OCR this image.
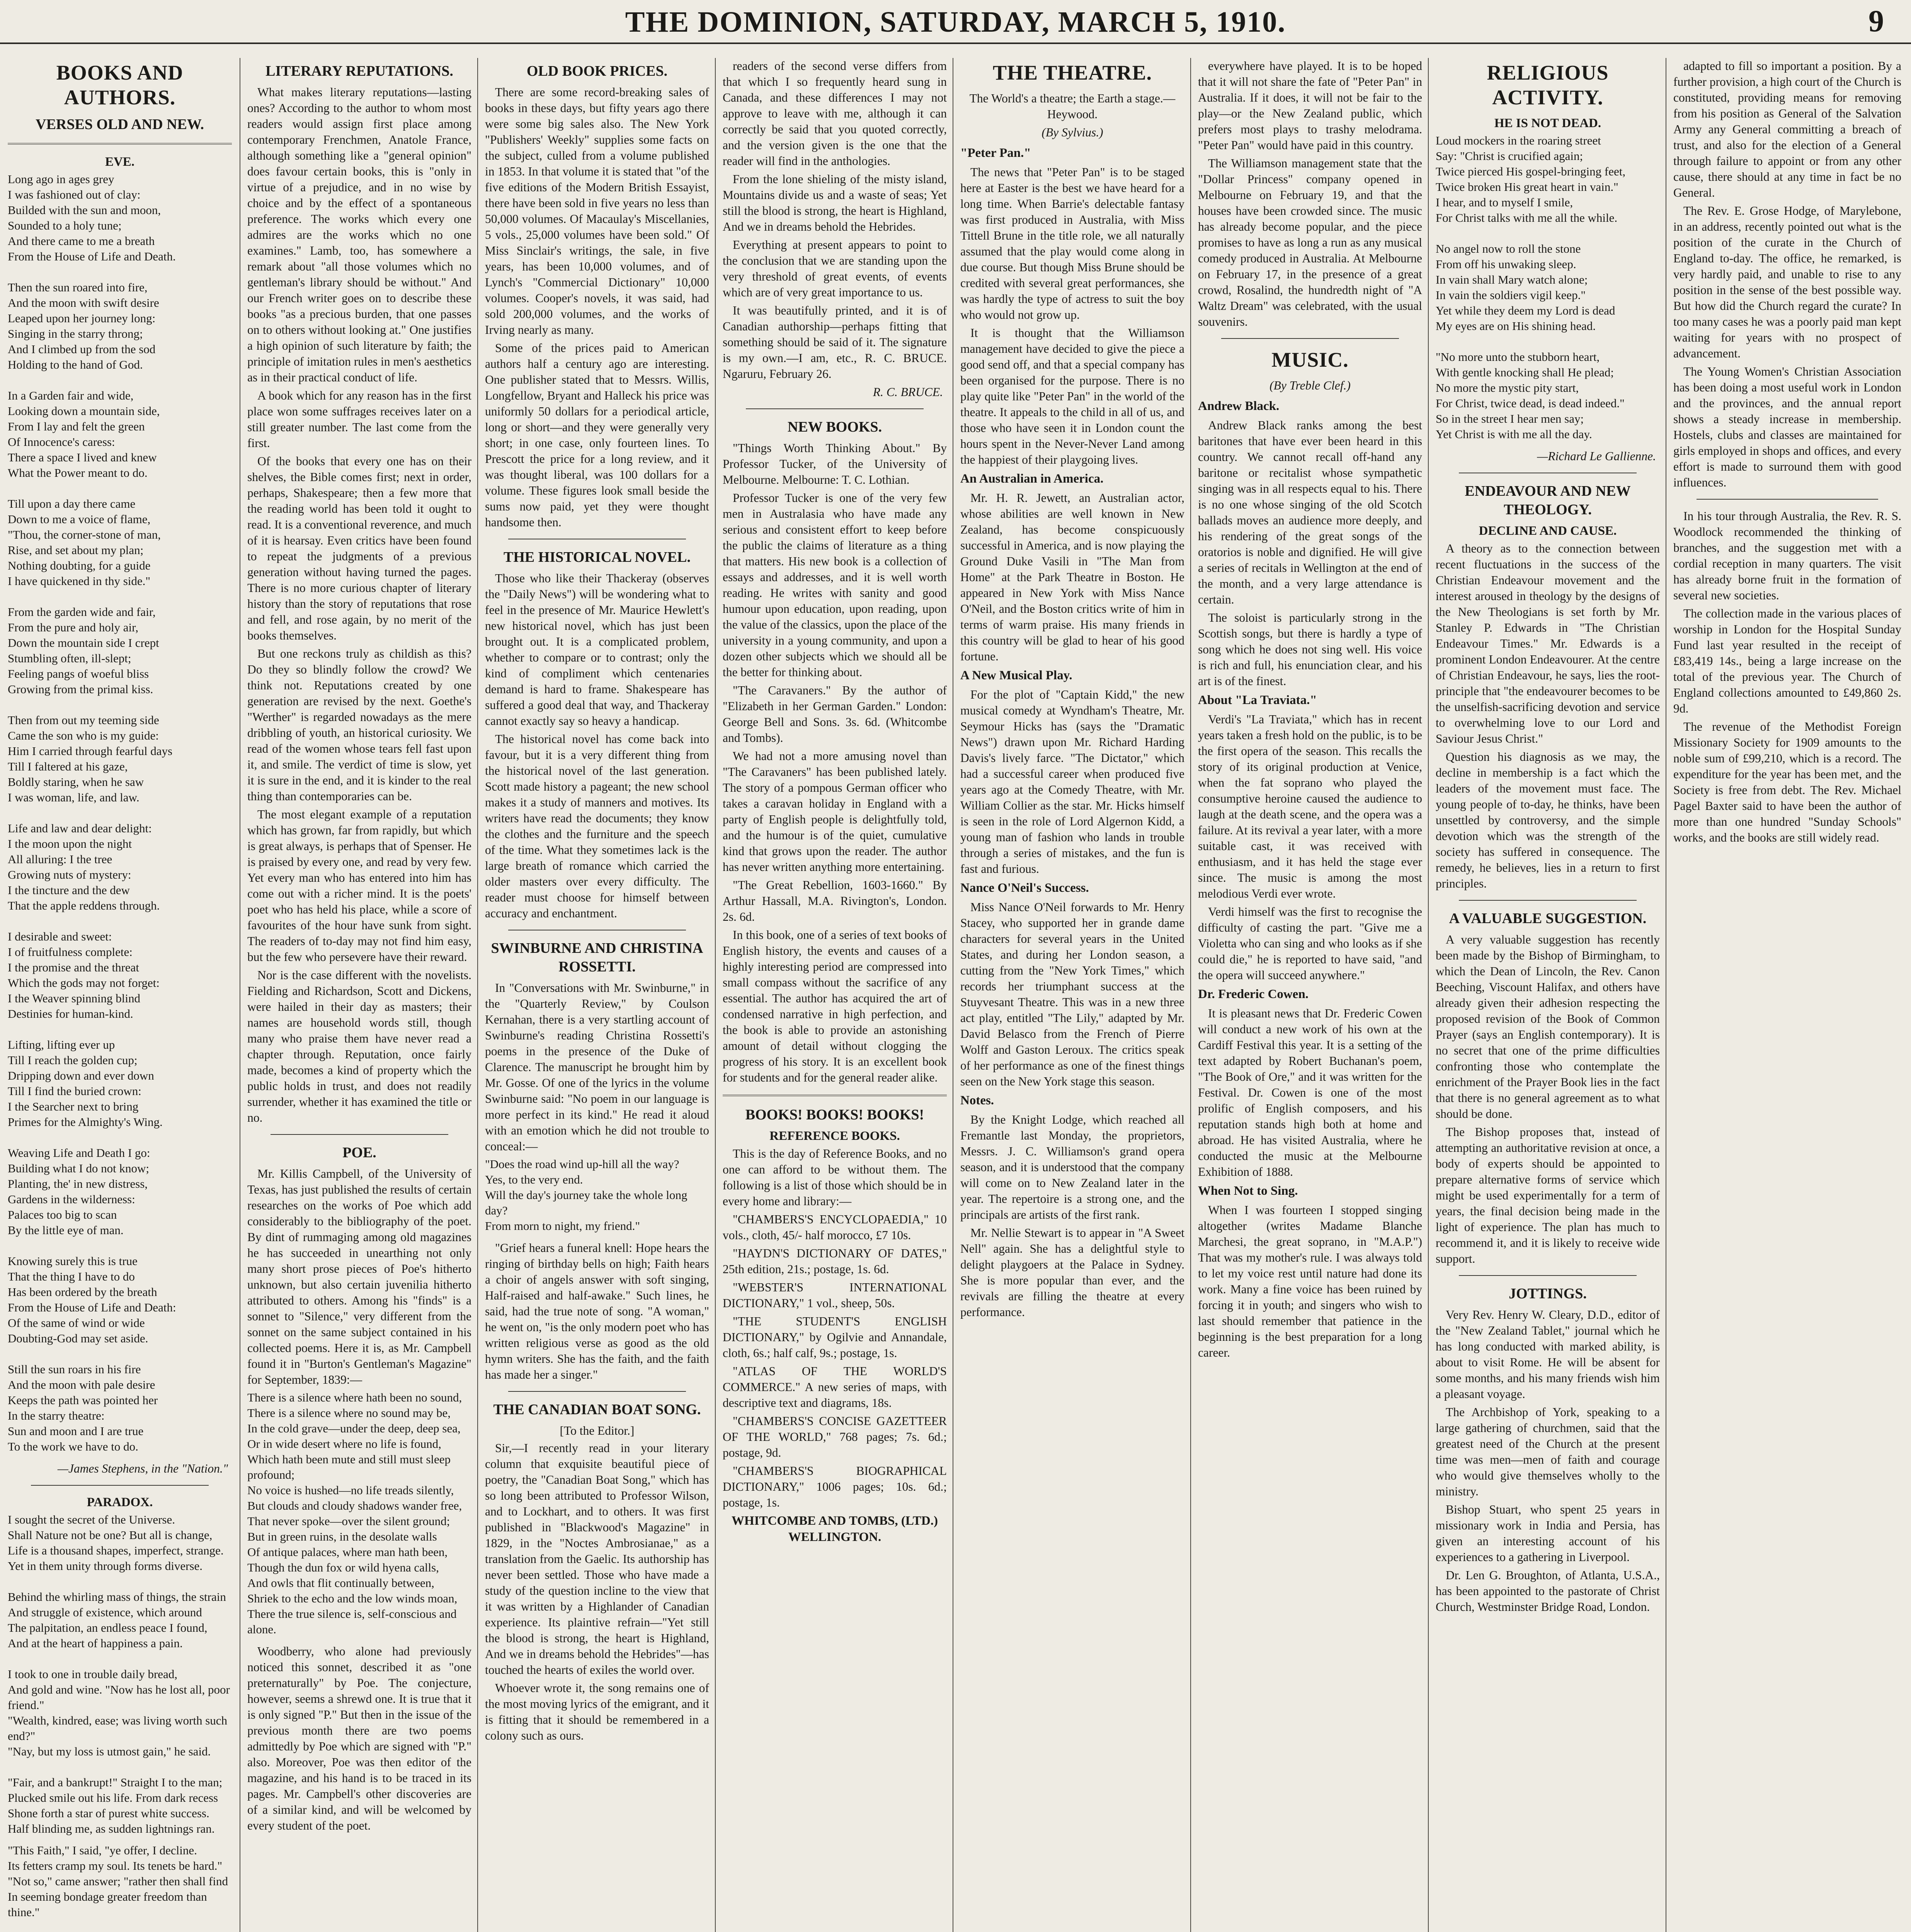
THE DOMINION, SATURDAY, MARCH 5, 1910.	9
BOOKS AND AUTHORS.
VERSES OLD AND NEW.
EVE.
Long ago in ages grey
I was fashioned out of clay:
Builded with the sun and moon,
Sounded to a holy tune;
And there came to me a breath
From the House of Life and Death.

Then the sun roared into fire,
And the moon with swift desire
Leaped upon her journey long:
Singing in the starry throng;
And I climbed up from the sod
Holding to the hand of God.

In a Garden fair and wide,
Looking down a mountain side,
From I lay and felt the green
Of Innocence's caress:
There a space I lived and knew
What the Power meant to do.

Till upon a day there came
Down to me a voice of flame,
"Thou, the corner-stone of man,
Rise, and set about my plan;
Nothing doubting, for a guide
I have quickened in thy side."

From the garden wide and fair,
From the pure and holy air,
Down the mountain side I crept
Stumbling often, ill-slept;
Feeling pangs of woeful bliss
Growing from the primal kiss.

Then from out my teeming side
Came the son who is my guide:
Him I carried through fearful days
Till I faltered at his gaze,
Boldly staring, when he saw
I was woman, life, and law.

Life and law and dear delight:
I the moon upon the night
All alluring: I the tree
Growing nuts of mystery:
I the tincture and the dew
That the apple reddens through.

I desirable and sweet:
I of fruitfulness complete:
I the promise and the threat
Which the gods may not forget:
I the Weaver spinning blind
Destinies for human-kind.

Lifting, lifting ever up
Till I reach the golden cup;
Dripping down and ever down
Till I find the buried crown:
I the Searcher next to bring
Primes for the Almighty's Wing.

Weaving Life and Death I go:
Building what I do not know;
Planting, the' in new distress,
Gardens in the wilderness:
Palaces too big to scan
By the little eye of man.

Knowing surely this is true
That the thing I have to do
Has been ordered by the breath
From the House of Life and Death:
Of the same of wind or wide
Doubting-God may set aside.

Still the sun roars in his fire
And the moon with pale desire
Keeps the path was pointed her
In the starry theatre:
Sun and moon and I are true
To the work we have to do.
—James Stephens, in the "Nation."
PARADOX.
I sought the secret of the Universe.
Shall Nature not be one? But all is change,
Life is a thousand shapes, imperfect, strange.
Yet in them unity through forms diverse.

Behind the whirling mass of things, the strain
And struggle of existence, which around
The palpitation, an endless peace I found,
And at the heart of happiness a pain.

I took to one in trouble daily bread,
And gold and wine. "Now has he lost all, poor friend."
"Wealth, kindred, ease; was living worth such end?"
"Nay, but my loss is utmost gain," he said.

"Fair, and a bankrupt!" Straight I to the man;
Plucked smile out his life. From dark recess
Shone forth a star of purest white success.
Half blinding me, as sudden lightnings ran.
"This Faith," I said, "ye offer, I decline.
Its fetters cramp my soul. Its tenets be hard."
"Not so," came answer; "rather then shall find
In seeming bondage greater freedom than thine."

LITERARY REPUTATIONS.

What makes literary reputations—lasting ones? According to the author to whom most readers would assign first place among contemporary Frenchmen, Anatole France, although something like a "general opinion" does favour certain books, this is "only in virtue of a prejudice, and in no wise by choice and by the effect of a spontaneous preference. The works which every one admires are the works which no one examines." Lamb, too, has somewhere a remark about "all those volumes which no gentleman's library should be without." And our French writer goes on to describe these books "as a precious burden, that one passes on to others without looking at." One justifies a high opinion of such literature by faith; the principle of imitation rules in men's aesthetics as in their practical conduct of life.

A book which for any reason has in the first place won some suffrages receives later on a still greater number. The last come from the first.

Of the books that every one has on their shelves, the Bible comes first; next in order, perhaps, Shakespeare; then a few more that the reading world has been told it ought to read. It is a conventional reverence, and much of it is hearsay. Even critics have been found to repeat the judgments of a previous generation without having turned the pages. There is no more curious chapter of literary history than the story of reputations that rose and fell, and rose again, by no merit of the books themselves.

But one reckons truly as childish as this? Do they so blindly follow the crowd? We think not. Reputations created by one generation are revised by the next. Goethe's "Werther" is regarded nowadays as the mere dribbling of youth, an historical curiosity. We read of the women whose tears fell fast upon it, and smile. The verdict of time is slow, yet it is sure in the end, and it is kinder to the real thing than contemporaries can be.

The most elegant example of a reputation which has grown, far from rapidly, but which is great always, is perhaps that of Spenser. He is praised by every one, and read by very few. Yet every man who has entered into him has come out with a richer mind. It is the poets' poet who has held his place, while a score of favourites of the hour have sunk from sight. The readers of to-day may not find him easy, but the few who persevere have their reward.

Nor is the case different with the novelists. Fielding and Richardson, Scott and Dickens, were hailed in their day as masters; their names are household words still, though many who praise them have never read a chapter through. Reputation, once fairly made, becomes a kind of property which the public holds in trust, and does not readily surrender, whether it has examined the title or no.

POE.

Mr. Killis Campbell, of the University of Texas, has just published the results of certain researches on the works of Poe which add considerably to the bibliography of the poet. By dint of rummaging among old magazines he has succeeded in unearthing not only many short prose pieces of Poe's hitherto unknown, but also certain juvenilia hitherto attributed to others. Among his "finds" is a sonnet to "Silence," very different from the sonnet on the same subject contained in his collected poems. Here it is, as Mr. Campbell found it in "Burton's Gentleman's Magazine" for September, 1839:—

There is a silence where hath been no sound,
There is a silence where no sound may be,
In the cold grave—under the deep, deep sea,
Or in wide desert where no life is found,
Which hath been mute and still must sleep profound;
No voice is hushed—no life treads silently,
But clouds and cloudy shadows wander free,
That never spoke—over the silent ground;
But in green ruins, in the desolate walls
Of antique palaces, where man hath been,
Though the dun fox or wild hyena calls,
And owls that flit continually between,
Shriek to the echo and the low winds moan,
There the true silence is, self-conscious and alone.

Woodberry, who alone had previously noticed this sonnet, described it as "one preternaturally" by Poe. The conjecture, however, seems a shrewd one. It is true that it is only signed "P." But then in the issue of the previous month there are two poems admittedly by Poe which are signed with "P." also. Moreover, Poe was then editor of the magazine, and his hand is to be traced in its pages. Mr. Campbell's other discoveries are of a similar kind, and will be welcomed by every student of the poet.

OLD BOOK PRICES.

There are some record-breaking sales of books in these days, but fifty years ago there were some big sales also. The New York "Publishers' Weekly" supplies some facts on the subject, culled from a volume published in 1853. In that volume it is stated that "of the five editions of the Modern British Essayist, there have been sold in five years no less than 50,000 volumes. Of Macaulay's Miscellanies, 5 vols., 25,000 volumes have been sold." Of Miss Sinclair's writings, the sale, in five years, has been 10,000 volumes, and of Lynch's "Commercial Dictionary" 10,000 volumes. Cooper's novels, it was said, had sold 200,000 volumes, and the works of Irving nearly as many.

Some of the prices paid to American authors half a century ago are interesting. One publisher stated that to Messrs. Willis, Longfellow, Bryant and Halleck his price was uniformly 50 dollars for a periodical article, long or short—and they were generally very short; in one case, only fourteen lines. To Prescott the price for a long review, and it was thought liberal, was 100 dollars for a volume. These figures look small beside the sums now paid, yet they were thought handsome then.

THE HISTORICAL NOVEL.

Those who like their Thackeray (observes the "Daily News") will be wondering what to feel in the presence of Mr. Maurice Hewlett's new historical novel, which has just been brought out. It is a complicated problem, whether to compare or to contrast; only the kind of compliment which centenaries demand is hard to frame. Shakespeare has suffered a good deal that way, and Thackeray cannot exactly say so heavy a handicap.

The historical novel has come back into favour, but it is a very different thing from the historical novel of the last generation. Scott made history a pageant; the new school makes it a study of manners and motives. Its writers have read the documents; they know the clothes and the furniture and the speech of the time. What they sometimes lack is the large breath of romance which carried the older masters over every difficulty. The reader must choose for himself between accuracy and enchantment.

SWINBURNE AND CHRISTINA ROSSETTI.

In "Conversations with Mr. Swinburne," in the "Quarterly Review," by Coulson Kernahan, there is a very startling account of Swinburne's reading Christina Rossetti's poems in the presence of the Duke of Clarence. The manuscript he brought him by Mr. Gosse. Of one of the lyrics in the volume Swinburne said: "No poem in our language is more perfect in its kind." He read it aloud with an emotion which he did not trouble to conceal:—

"Does the road wind up-hill all the way?
Yes, to the very end.
Will the day's journey take the whole long day?
From morn to night, my friend."

"Grief hears a funeral knell: Hope hears the ringing of birthday bells on high; Faith hears a choir of angels answer with soft singing, Half-raised and half-awake." Such lines, he said, had the true note of song. "A woman," he went on, "is the only modern poet who has written religious verse as good as the old hymn writers. She has the faith, and the faith has made her a singer."

THE CANADIAN BOAT SONG.
[To the Editor.]

Sir,—I recently read in your literary column that exquisite beautiful piece of poetry, the "Canadian Boat Song," which has so long been attributed to Professor Wilson, and to Lockhart, and to others. It was first published in "Blackwood's Magazine" in 1829, in the "Noctes Ambrosianae," as a translation from the Gaelic. Its authorship has never been settled. Those who have made a study of the question incline to the view that it was written by a Highlander of Canadian experience. Its plaintive refrain—"Yet still the blood is strong, the heart is Highland, And we in dreams behold the Hebrides"—has touched the hearts of exiles the world over.

Whoever wrote it, the song remains one of the most moving lyrics of the emigrant, and it is fitting that it should be remembered in a colony such as ours.

readers of the second verse differs from that which I so frequently heard sung in Canada, and these differences I may not approve to leave with me, although it can correctly be said that you quoted correctly, and the version given is the one that the reader will find in the anthologies.

From the lone shieling of the misty island, Mountains divide us and a waste of seas; Yet still the blood is strong, the heart is Highland, And we in dreams behold the Hebrides.

Everything at present appears to point to the conclusion that we are standing upon the very threshold of great events, of events which are of very great importance to us.

It was beautifully printed, and it is of Canadian authorship—perhaps fitting that something should be said of it. The signature is my own.—I am, etc., R. C. BRUCE. Ngaruru, February 26.

R. C. BRUCE.
NEW BOOKS.

"Things Worth Thinking About." By Professor Tucker, of the University of Melbourne. Melbourne: T. C. Lothian.

Professor Tucker is one of the very few men in Australasia who have made any serious and consistent effort to keep before the public the claims of literature as a thing that matters. His new book is a collection of essays and addresses, and it is well worth reading. He writes with sanity and good humour upon education, upon reading, upon the value of the classics, upon the place of the university in a young community, and upon a dozen other subjects which we should all be the better for thinking about.

"The Caravaners." By the author of "Elizabeth in her German Garden." London: George Bell and Sons. 3s. 6d. (Whitcombe and Tombs).

We had not a more amusing novel than "The Caravaners" has been published lately. The story of a pompous German officer who takes a caravan holiday in England with a party of English people is delightfully told, and the humour is of the quiet, cumulative kind that grows upon the reader. The author has never written anything more entertaining.

"The Great Rebellion, 1603-1660." By Arthur Hassall, M.A. Rivington's, London. 2s. 6d.

In this book, one of a series of text books of English history, the events and causes of a highly interesting period are compressed into small compass without the sacrifice of any essential. The author has acquired the art of condensed narrative in high perfection, and the book is able to provide an astonishing amount of detail without clogging the progress of his story. It is an excellent book for students and for the general reader alike.

BOOKS! BOOKS! BOOKS!
REFERENCE BOOKS.

This is the day of Reference Books, and no one can afford to be without them. The following is a list of those which should be in every home and library:—

"CHAMBERS'S ENCYCLOPAEDIA," 10 vols., cloth, 45/- half morocco, £7 10s.

"HAYDN'S DICTIONARY OF DATES," 25th edition, 21s.; postage, 1s. 6d.

"WEBSTER'S INTERNATIONAL DICTIONARY," 1 vol., sheep, 50s.

"THE STUDENT'S ENGLISH DICTIONARY," by Ogilvie and Annandale, cloth, 6s.; half calf, 9s.; postage, 1s.

"ATLAS OF THE WORLD'S COMMERCE." A new series of maps, with descriptive text and diagrams, 18s.

"CHAMBERS'S CONCISE GAZETTEER OF THE WORLD," 768 pages; 7s. 6d.; postage, 9d.

"CHAMBERS'S BIOGRAPHICAL DICTIONARY," 1006 pages; 10s. 6d.; postage, 1s.

WHITCOMBE AND TOMBS, (LTD.) WELLINGTON.
THE THEATRE.
The World's a theatre; the Earth a stage.—Heywood.
(By Sylvius.)
"Peter Pan."

The news that "Peter Pan" is to be staged here at Easter is the best we have heard for a long time. When Barrie's delectable fantasy was first produced in Australia, with Miss Tittell Brune in the title role, we all naturally assumed that the play would come along in due course. But though Miss Brune should be credited with several great performances, she was hardly the type of actress to suit the boy who would not grow up.

It is thought that the Williamson management have decided to give the piece a good send off, and that a special company has been organised for the purpose. There is no play quite like "Peter Pan" in the world of the theatre. It appeals to the child in all of us, and those who have seen it in London count the hours spent in the Never-Never Land among the happiest of their playgoing lives.

An Australian in America.

Mr. H. R. Jewett, an Australian actor, whose abilities are well known in New Zealand, has become conspicuously successful in America, and is now playing the Ground Duke Vasili in "The Man from Home" at the Park Theatre in Boston. He appeared in New York with Miss Nance O'Neil, and the Boston critics write of him in terms of warm praise. His many friends in this country will be glad to hear of his good fortune.

A New Musical Play.

For the plot of "Captain Kidd," the new musical comedy at Wyndham's Theatre, Mr. Seymour Hicks has (says the "Dramatic News") drawn upon Mr. Richard Harding Davis's lively farce. "The Dictator," which had a successful career when produced five years ago at the Comedy Theatre, with Mr. William Collier as the star. Mr. Hicks himself is seen in the role of Lord Algernon Kidd, a young man of fashion who lands in trouble through a series of mistakes, and the fun is fast and furious.

Nance O'Neil's Success.

Miss Nance O'Neil forwards to Mr. Henry Stacey, who supported her in grande dame characters for several years in the United States, and during her London season, a cutting from the "New York Times," which records her triumphant success at the Stuyvesant Theatre. This was in a new three act play, entitled "The Lily," adapted by Mr. David Belasco from the French of Pierre Wolff and Gaston Leroux. The critics speak of her performance as one of the finest things seen on the New York stage this season.

Notes.

By the Knight Lodge, which reached all Fremantle last Monday, the proprietors, Messrs. J. C. Williamson's grand opera season, and it is understood that the company will come on to New Zealand later in the year. The repertoire is a strong one, and the principals are artists of the first rank.

Mr. Nellie Stewart is to appear in "A Sweet Nell" again. She has a delightful style to delight playgoers at the Palace in Sydney. She is more popular than ever, and the revivals are filling the theatre at every performance.

everywhere have played. It is to be hoped that it will not share the fate of "Peter Pan" in Australia. If it does, it will not be fair to the play—or the New Zealand public, which prefers most plays to trashy melodrama. "Peter Pan" would have paid in this country.

The Williamson management state that the "Dollar Princess" company opened in Melbourne on February 19, and that the houses have been crowded since. The music has already become popular, and the piece promises to have as long a run as any musical comedy produced in Australia. At Melbourne on February 17, in the presence of a great crowd, Rosalind, the hundredth night of "A Waltz Dream" was celebrated, with the usual souvenirs.

MUSIC.
(By Treble Clef.)
Andrew Black.

Andrew Black ranks among the best baritones that have ever been heard in this country. We cannot recall off-hand any baritone or recitalist whose sympathetic singing was in all respects equal to his. There is no one whose singing of the old Scotch ballads moves an audience more deeply, and his rendering of the great songs of the oratorios is noble and dignified. He will give a series of recitals in Wellington at the end of the month, and a very large attendance is certain.

The soloist is particularly strong in the Scottish songs, but there is hardly a type of song which he does not sing well. His voice is rich and full, his enunciation clear, and his art is of the finest.

About "La Traviata."

Verdi's "La Traviata," which has in recent years taken a fresh hold on the public, is to be the first opera of the season. This recalls the story of its original production at Venice, when the fat soprano who played the consumptive heroine caused the audience to laugh at the death scene, and the opera was a failure. At its revival a year later, with a more suitable cast, it was received with enthusiasm, and it has held the stage ever since. The music is among the most melodious Verdi ever wrote.

Verdi himself was the first to recognise the difficulty of casting the part. "Give me a Violetta who can sing and who looks as if she could die," he is reported to have said, "and the opera will succeed anywhere."

Dr. Frederic Cowen.

It is pleasant news that Dr. Frederic Cowen will conduct a new work of his own at the Cardiff Festival this year. It is a setting of the text adapted by Robert Buchanan's poem, "The Book of Ore," and it was written for the Festival. Dr. Cowen is one of the most prolific of English composers, and his reputation stands high both at home and abroad. He has visited Australia, where he conducted the music at the Melbourne Exhibition of 1888.

When Not to Sing.

When I was fourteen I stopped singing altogether (writes Madame Blanche Marchesi, the great soprano, in "M.A.P.") That was my mother's rule. I was always told to let my voice rest until nature had done its work. Many a fine voice has been ruined by forcing it in youth; and singers who wish to last should remember that patience in the beginning is the best preparation for a long career.

RELIGIOUS ACTIVITY.
HE IS NOT DEAD.
Loud mockers in the roaring street
Say: "Christ is crucified again;
Twice pierced His gospel-bringing feet,
Twice broken His great heart in vain."
I hear, and to myself I smile,
For Christ talks with me all the while.

No angel now to roll the stone
From off his unwaking sleep.
In vain shall Mary watch alone;
In vain the soldiers vigil keep."
Yet while they deem my Lord is dead
My eyes are on His shining head.

"No more unto the stubborn heart,
With gentle knocking shall He plead;
No more the mystic pity start,
For Christ, twice dead, is dead indeed."
So in the street I hear men say;
Yet Christ is with me all the day.
—Richard Le Gallienne.
ENDEAVOUR AND NEW THEOLOGY.
DECLINE AND CAUSE.

A theory as to the connection between recent fluctuations in the success of the Christian Endeavour movement and the interest aroused in theology by the designs of the New Theologians is set forth by Mr. Stanley P. Edwards in "The Christian Endeavour Times." Mr. Edwards is a prominent London Endeavourer. At the centre of Christian Endeavour, he says, lies the root-principle that "the endeavourer becomes to be the unselfish-sacrificing devotion and service to overwhelming love to our Lord and Saviour Jesus Christ."

Question his diagnosis as we may, the decline in membership is a fact which the leaders of the movement must face. The young people of to-day, he thinks, have been unsettled by controversy, and the simple devotion which was the strength of the society has suffered in consequence. The remedy, he believes, lies in a return to first principles.

A VALUABLE SUGGESTION.

A very valuable suggestion has recently been made by the Bishop of Birmingham, to which the Dean of Lincoln, the Rev. Canon Beeching, Viscount Halifax, and others have already given their adhesion respecting the proposed revision of the Book of Common Prayer (says an English contemporary). It is no secret that one of the prime difficulties confronting those who contemplate the enrichment of the Prayer Book lies in the fact that there is no general agreement as to what should be done.

The Bishop proposes that, instead of attempting an authoritative revision at once, a body of experts should be appointed to prepare alternative forms of service which might be used experimentally for a term of years, the final decision being made in the light of experience. The plan has much to recommend it, and it is likely to receive wide support.

JOTTINGS.

Very Rev. Henry W. Cleary, D.D., editor of the "New Zealand Tablet," journal which he has long conducted with marked ability, is about to visit Rome. He will be absent for some months, and his many friends wish him a pleasant voyage.

The Archbishop of York, speaking to a large gathering of churchmen, said that the greatest need of the Church at the present time was men—men of faith and courage who would give themselves wholly to the ministry.

Bishop Stuart, who spent 25 years in missionary work in India and Persia, has given an interesting account of his experiences to a gathering in Liverpool.

Dr. Len G. Broughton, of Atlanta, U.S.A., has been appointed to the pastorate of Christ Church, Westminster Bridge Road, London.

adapted to fill so important a position. By a further provision, a high court of the Church is constituted, providing means for removing from his position as General of the Salvation Army any General committing a breach of trust, and also for the election of a General through failure to appoint or from any other cause, there should at any time in fact be no General.

The Rev. E. Grose Hodge, of Marylebone, in an address, recently pointed out what is the position of the curate in the Church of England to-day. The office, he remarked, is very hardly paid, and unable to rise to any position in the sense of the best possible way. But how did the Church regard the curate? In too many cases he was a poorly paid man kept waiting for years with no prospect of advancement.

The Young Women's Christian Association has been doing a most useful work in London and the provinces, and the annual report shows a steady increase in membership. Hostels, clubs and classes are maintained for girls employed in shops and offices, and every effort is made to surround them with good influences.

In his tour through Australia, the Rev. R. S. Woodlock recommended the thinking of branches, and the suggestion met with a cordial reception in many quarters. The visit has already borne fruit in the formation of several new societies.

The collection made in the various places of worship in London for the Hospital Sunday Fund last year resulted in the receipt of £83,419 14s., being a large increase on the total of the previous year. The Church of England collections amounted to £49,860 2s. 9d.

The revenue of the Methodist Foreign Missionary Society for 1909 amounts to the noble sum of £99,210, which is a record. The expenditure for the year has been met, and the Society is free from debt. The Rev. Michael Pagel Baxter said to have been the author of more than one hundred "Sunday Schools" works, and the books are still widely read.
